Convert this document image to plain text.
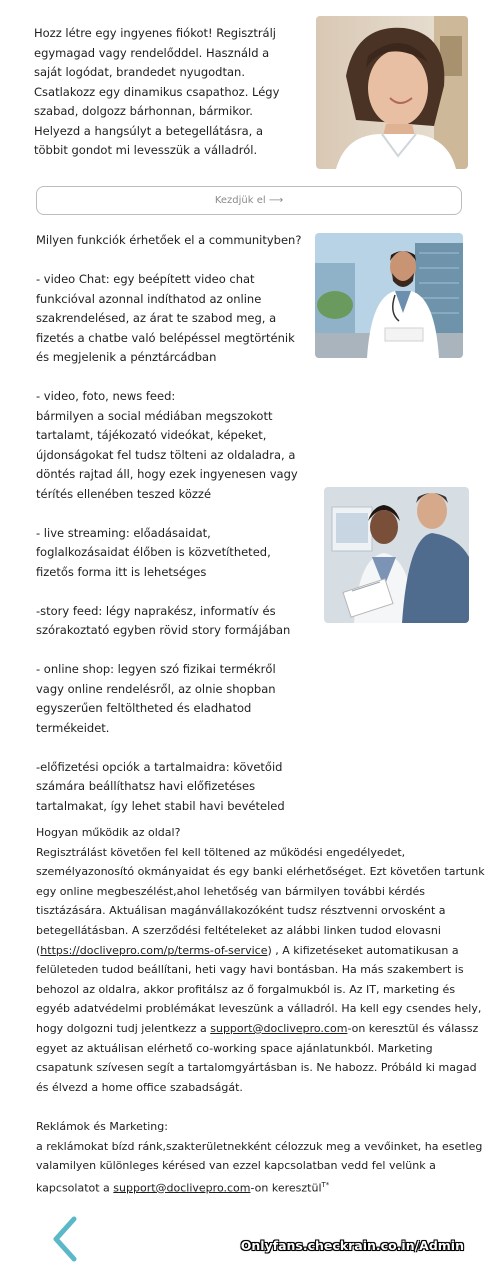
Hozz létre egy ingyenes fiókot! Regisztrálj egymagad vagy rendelőddel. Használd a saját logódat, brandedet nyugodtan. Csatlakozz egy dinamikus csapathoz. Légy szabad, dolgozz bárhonnan, bármikor. Helyezd a hangsúlyt a betegellátásra, a többit gondot mi levesszük a válladról.
Kezdjük el ⟶

Milyen funkciók érhetőek el a communityben?

- video Chat: egy beépített video chat funkcióval azonnal indíthatod az online szakrendelésed, az árat te szabod meg, a fizetés a chatbe való belépéssel megtörténik és megjelenik a pénztárcádban

- video, foto, news feed:
bármilyen a social médiában megszokott tartalamt, tájékozató videókat, képeket, újdonságokat fel tudsz tölteni az oldaladra, a döntés rajtad áll, hogy ezek ingyenesen vagy térítés ellenében teszed közzé

- live streaming: előadásaidat, foglalkozásaidat élőben is közvetítheted, fizetős forma itt is lehetséges

-story feed: légy naprakész, informatív és szórakoztató egyben rövid story formájában

- online shop: legyen szó fizikai termékről vagy online rendelésről, az olnie shopban egyszerűen feltöltheted és eladhatod termékeidet.

-előfizetési opciók a tartalmaidra: követőid számára beállíthatsz havi előfizetéses tartalmakat, így lehet stabil havi bevételed

Hogyan működik az oldal?

Regisztrálást követően fel kell töltened az működési engedélyedet, személyazonosító okmányaidat és egy banki elérhetőséget. Ezt követően tartunk egy online megbeszélést,ahol lehetőség van bármilyen további kérdés tisztázására. Aktuálisan magánvállakozóként tudsz résztvenni orvosként a betegellátásban. A szerződési feltételeket az alábbi linken tudod elovasni (https://doclivepro.com/p/terms-of-service) , A kifizetéseket automatikusan a felületeden tudod beállítani, heti vagy havi bontásban. Ha más szakembert is behozol az oldalra, akkor profitálsz az ő forgalmukból is. Az IT, marketing és egyéb adatvédelmi problémákat leveszünk a válladról. Ha kell egy csendes hely, hogy dolgozni tudj jelentkezz a support@doclivepro.com-on keresztül és válassz egyet az aktuálisan elérhető co-working space ajánlatunkból. Marketing csapatunk szívesen segít a tartalomgyártásban is. Ne habozz. Próbáld ki magad és élvezd a home office szabadságát.

Reklámok és Marketing:

a reklámokat bízd ránk,szakterületnekként célozzuk meg a vevőinket, ha esetleg valamilyen különleges kérésed van ezzel kapcsolatban vedd fel velünk a kapcsolatot a support@doclivepro.com-on keresztül$^{T*}$

Onlyfans.checkrain.co.in/Admin
